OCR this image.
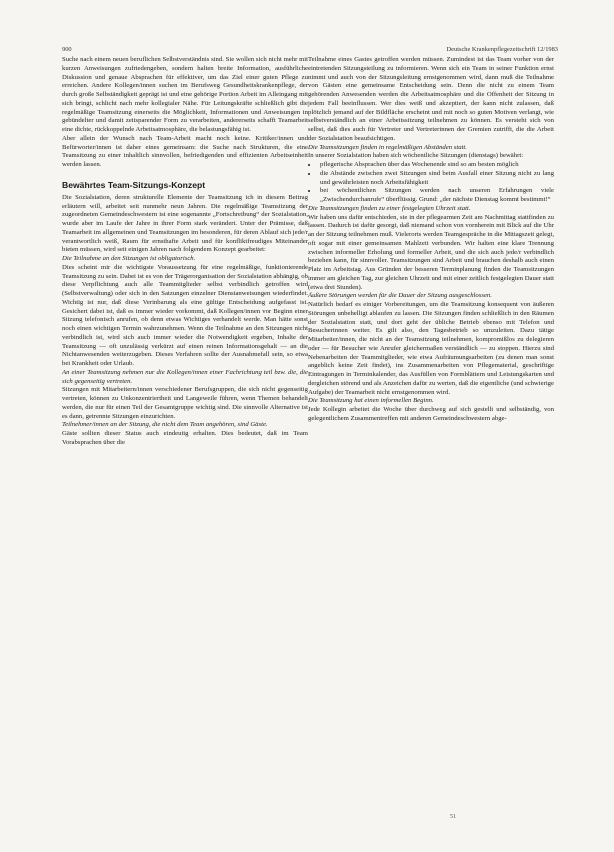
900	Deutsche Krankenpflegezeitschrift 12/1983

Suche nach einem neuen beruflichen Selbstverständnis sind. Sie wollen sich nicht mehr mit kurzen Anweisungen zufriedengeben, sondern halten breite Information, ausführliche Diskussion und genaue Absprachen für effektiver, um das Ziel einer guten Pflege zu erreichen. Andere Kollegen/innen suchen im Berufsweg Gesundheitskrankenpflege, der durch große Selbständigkeit geprägt ist und eine gehörige Portion Arbeit im Alleingang mit sich bringt, schlicht nach mehr kollegialer Nähe. Für Leitungskräfte schließlich gibt die regelmäßige Teamsitzung einerseits die Möglichkeit, Informationen und Anweisungen in gebündelter und damit zeitsparender Form zu verarbeiten, andererseits schafft Teamarbeit eine dichte, rückkoppelnde Arbeitsatmosphäre, die belastungsfähig ist.

Aber allein der Wunsch nach Team-Arbeit macht noch keine. Kritiker/innen und Befürworter/innen ist daher eines gemeinsam: die Suche nach Strukturen, die eine Teamsitzung zu einer inhaltlich sinnvollen, befriedigenden und effizienten Arbeitseinheit werden lassen.

Bewährtes Team-Sitzungs-Konzept

Die Sozialstation, deren strukturelle Elemente der Teamsitzung ich in diesem Beitrag erläutern will, arbeitet seit nunmehr neun Jahren. Die regelmäßige Teamsitzung der zugeordneten Gemeindeschwestern ist eine sogenannte „Fortschreibung“ der Sozialstation, wurde aber im Laufe der Jahre in ihrer Form stark verändert. Unter der Prämisse, daß Teamarbeit im allgemeinen und Teamsitzungen im besonderen, für deren Ablauf sich jede/r verantwortlich weiß, Raum für ernsthafte Arbeit und für konfliktfreudiges Miteinander bieten müssen, wird seit einigen Jahren nach folgendem Konzept gearbeitet:

Die Teilnahme an den Sitzungen ist obligatorisch.

Dies scheint mir die wichtigste Voraussetzung für eine regelmäßige, funktionierende Teamsitzung zu sein. Dabei ist es von der Trägerorganisation der Sozialstation abhängig, ob diese Verpflichtung auch alle Teammitglieder selbst verbindlich getroffen wird (Selbstverwaltung) oder sich in den Satzungen einzelner Dienstanweisungen wiederfindet. Wichtig ist nur, daß diese Verinbarung als eine gültige Entscheidung aufgefasst ist. Gesichert dabei ist, daß es immer wieder vorkommt, daß Kollegen/innen vor Beginn einer Sitzung telefonisch anrufen, ob denn etwas Wichtiges verhandelt werde. Man hätte sonst noch einen wichtigen Termin wahrzunehmen. Wenn die Teilnahme an den Sitzungen nicht verbindlich ist, wird sich auch immer wieder die Notwendigkeit ergeben, Inhalte der Teamsitzung — oft unzulässig verkürzt auf einen reinen Informationsgehalt — an die Nichtanwesenden weiterzugeben. Dieses Verfahren sollte der Ausnahmefall sein, so etwa bei Krankheit oder Urlaub.

An einer Teamsitzung nehmen nur die Kollegen/innen einer Fachrichtung teil bzw. die, die sich gegenseitig vertreten.

Sitzungen mit Mitarbeitern/innen verschiedener Berufsgruppen, die sich nicht gegenseitig vertreten, können zu Unkonzentriertheit und Langeweile führen, wenn Themen behandelt werden, die nur für einen Teil der Gesamtgruppe wichtig sind. Die sinnvolle Alternative ist es dann, getrennte Sitzungen einzurichten.

Teilnehmer/innen an der Sitzung, die nicht dem Team angehören, sind Gäste.

Gäste sollten dieser Status auch eindeutig erhalten. Dies bedeutet, daß im Team Vorabsprachen über die

Teilnahme eines Gastes getroffen werden müssen. Zumindest ist das Team vorher von der eintretenden Sitzungsteilung zu informieren. Wenn sich ein Team in seiner Funktion ernst nimmt und auch von der Sitzungsleitung ernstgenommen wird, dann muß die Teilnahme von Gästen eine gemeinsame Entscheidung sein. Denn die nicht zu einem Team gehörenden Anwesenden werden die Arbeitsatmosphäre und die Offenheit der Sitzung in jedem Fall beeinflussen. Wer dies weiß und akzeptiert, der kann nicht zulassen, daß plötzlich jemand auf der Bildfläche erscheint und mit noch so guten Motiven verlangt, wie selbstverständlich an einer Arbeitssitzung teilnehmen zu können. Es versteht sich von selbst, daß dies auch für Vertreter und Vertreterinnen der Gremien zutrifft, die die Arbeit der Sozialstation beaufsichtigen.

Die Teamsitzungen finden in regelmäßigen Abständen statt.

In unserer Sozialstation haben sich wöchentliche Sitzungen (dienstags) bewährt:

• pflegerische Absprachen über das Wochenende sind so am besten möglich
• die Abstände zwischen zwei Sitzungen sind beim Ausfall einer Sitzung nicht zu lang und gewährleisten noch Arbeitsfähigkeit
• bei wöchentlichen Sitzungen werden nach unseren Erfahrungen viele „Zwischendurchanrufe“ überflüssig. Grund: „der nächste Dienstag kommt bestimmt!“

Die Teamsitzungen finden zu einer festgelegten Uhrzeit statt.

Wir haben uns dafür entschieden, sie in der pflegearmen Zeit am Nachmittag stattfinden zu lassen. Dadurch ist dafür gesorgt, daß niemand schon von vornherein mit Blick auf die Uhr an der Sitzung teilnehmen muß. Vielerorts werden Teamgespräche in die Mittagszeit gelegt, oft sogar mit einer gemeinsamen Mahlzeit verbunden. Wir halten eine klare Trennung zwischen informeller Erholung und formeller Arbeit, und die sich auch jede/r verbindlich beziehen kann, für sinnvoller. Teamsitzungen sind Arbeit und brauchen deshalb auch einen Platz im Arbeitstag. Aus Gründen der besseren Terminplanung finden die Teamsitzungen immer am gleichen Tag, zur gleichen Uhrzeit und mit einer zeitlich festgelegten Dauer statt (etwa drei Stunden).

Äußere Störungen werden für die Dauer der Sitzung ausgeschlossen.

Natürlich bedarf es einiger Vorbereitungen, um die Teamsitzung konsequent von äußeren Störungen unbehelligt ablaufen zu lassen. Die Sitzungen finden schließlich in den Räumen der Sozialstation statt, und dort geht der übliche Betrieb ebenso mit Telefon und Besucherinnen weiter. Es gilt also, den Tagesbetrieb so umzuleiten. Dazu tätige Mitarbeiter/innen, die nicht an der Teamsitzung teilnehmen, kompromißlos zu delegieren oder — für Besucher wie Anrufer gleichermaßen verständlich — zu stoppen. Hierzu sind Nebenarbeiten der Teammitglieder, wie etwa Aufräumungsarbeiten (zu denen man sonst angeblich keine Zeit findet), ins Zusammenarbeiten von Pflegematerial, geschriftige Eintragungen in Terminkalender, das Ausfüllen von Formblättern und Leistungskarten und dergleichen störend und als Anzeichen dafür zu werten, daß die eigentliche (und schwierige Aufgabe) der Teamarbeit nicht ernstgenommen wird.

Die Teamsitzung hat einen informellen Beginn.

Jede Kollegin arbeitet die Woche über durchweg auf sich gestellt und selbständig, von gelegentlichem Zusammentreffen mit anderen Gemeindeschwestern abge-

51
